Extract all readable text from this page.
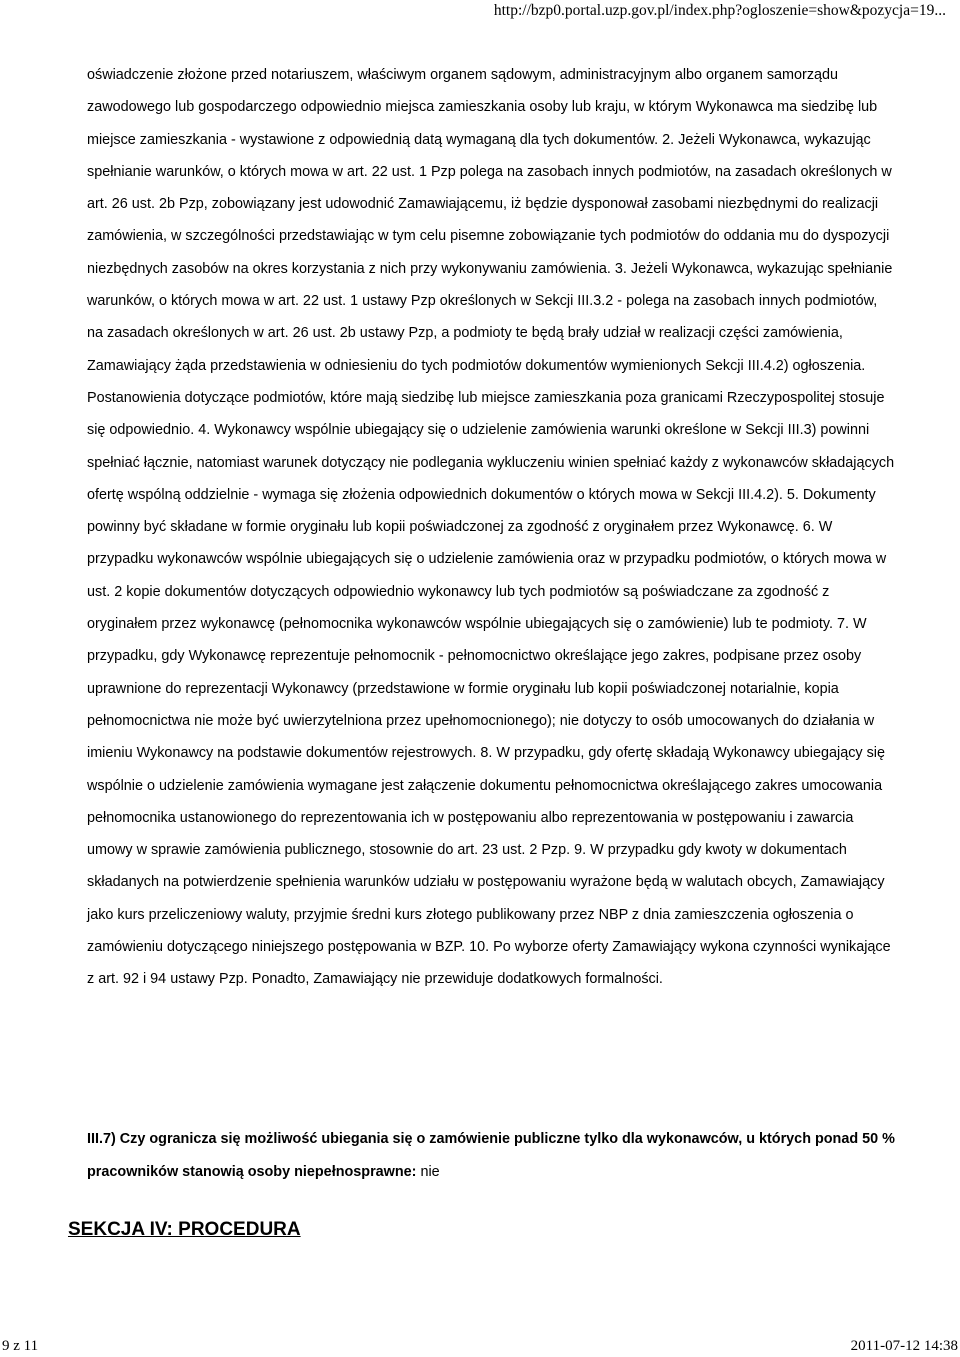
http://bzp0.portal.uzp.gov.pl/index.php?ogloszenie=show&pozycja=19...

oświadczenie złożone przed notariuszem, właściwym organem sądowym, administracyjnym albo organem samorządu zawodowego lub gospodarczego odpowiednio miejsca zamieszkania osoby lub kraju, w którym Wykonawca ma siedzibę lub miejsce zamieszkania - wystawione z odpowiednią datą wymaganą dla tych dokumentów. 2. Jeżeli Wykonawca, wykazując spełnianie warunków, o których mowa w art. 22 ust. 1 Pzp polega na zasobach innych podmiotów, na zasadach określonych w art. 26 ust. 2b Pzp, zobowiązany jest udowodnić Zamawiającemu, iż będzie dysponował zasobami niezbędnymi do realizacji zamówienia, w szczególności przedstawiając w tym celu pisemne zobowiązanie tych podmiotów do oddania mu do dyspozycji niezbędnych zasobów na okres korzystania z nich przy wykonywaniu zamówienia. 3. Jeżeli Wykonawca, wykazując spełnianie warunków, o których mowa w art. 22 ust. 1 ustawy Pzp określonych w Sekcji III.3.2 - polega na zasobach innych podmiotów, na zasadach określonych w art. 26 ust. 2b ustawy Pzp, a podmioty te będą brały udział w realizacji części zamówienia, Zamawiający żąda przedstawienia w odniesieniu do tych podmiotów dokumentów wymienionych Sekcji III.4.2) ogłoszenia. Postanowienia dotyczące podmiotów, które mają siedzibę lub miejsce zamieszkania poza granicami Rzeczypospolitej stosuje się odpowiednio. 4. Wykonawcy wspólnie ubiegający się o udzielenie zamówienia warunki określone w Sekcji III.3) powinni spełniać łącznie, natomiast warunek dotyczący nie podlegania wykluczeniu winien spełniać każdy z wykonawców składających ofertę wspólną oddzielnie - wymaga się złożenia odpowiednich dokumentów o których mowa w Sekcji III.4.2). 5. Dokumenty powinny być składane w formie oryginału lub kopii poświadczonej za zgodność z oryginałem przez Wykonawcę. 6. W przypadku wykonawców wspólnie ubiegających się o udzielenie zamówienia oraz w przypadku podmiotów, o których mowa w ust. 2 kopie dokumentów dotyczących odpowiednio wykonawcy lub tych podmiotów są poświadczane za zgodność z oryginałem przez wykonawcę (pełnomocnika wykonawców wspólnie ubiegających się o zamówienie) lub te podmioty. 7. W przypadku, gdy Wykonawcę reprezentuje pełnomocnik - pełnomocnictwo określające jego zakres, podpisane przez osoby uprawnione do reprezentacji Wykonawcy (przedstawione w formie oryginału lub kopii poświadczonej notarialnie, kopia pełnomocnictwa nie może być uwierzytelniona przez upełnomocnionego); nie dotyczy to osób umocowanych do działania w imieniu Wykonawcy na podstawie dokumentów rejestrowych. 8. W przypadku, gdy ofertę składają Wykonawcy ubiegający się wspólnie o udzielenie zamówienia wymagane jest załączenie dokumentu pełnomocnictwa określającego zakres umocowania pełnomocnika ustanowionego do reprezentowania ich w postępowaniu albo reprezentowania w postępowaniu i zawarcia umowy w sprawie zamówienia publicznego, stosownie do art. 23 ust. 2 Pzp. 9. W przypadku gdy kwoty w dokumentach składanych na potwierdzenie spełnienia warunków udziału w postępowaniu wyrażone będą w walutach obcych, Zamawiający jako kurs przeliczeniowy waluty, przyjmie średni kurs złotego publikowany przez NBP z dnia zamieszczenia ogłoszenia o zamówieniu dotyczącego niniejszego postępowania w BZP. 10. Po wyborze oferty Zamawiający wykona czynności wynikające z art. 92 i 94 ustawy Pzp. Ponadto, Zamawiający nie przewiduje dodatkowych formalności.

III.7) Czy ogranicza się możliwość ubiegania się o zamówienie publiczne tylko dla wykonawców, u których ponad 50 % pracowników stanowią osoby niepełnosprawne: nie

SEKCJA IV: PROCEDURA
9 z 11	2011-07-12 14:38
